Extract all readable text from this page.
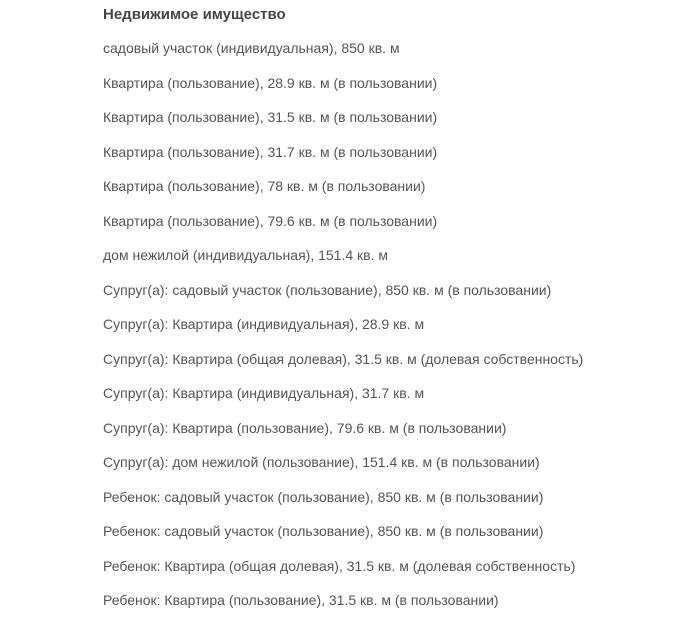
Недвижимое имущество
садовый участок (индивидуальная), 850 кв. м
Квартира (пользование), 28.9 кв. м (в пользовании)
Квартира (пользование), 31.5 кв. м (в пользовании)
Квартира (пользование), 31.7 кв. м (в пользовании)
Квартира (пользование), 78 кв. м (в пользовании)
Квартира (пользование), 79.6 кв. м (в пользовании)
дом нежилой (индивидуальная), 151.4 кв. м
Супруг(а): садовый участок (пользование), 850 кв. м (в пользовании)
Супруг(а): Квартира (индивидуальная), 28.9 кв. м
Супруг(а): Квартира (общая долевая), 31.5 кв. м (долевая собственность)
Супруг(а): Квартира (индивидуальная), 31.7 кв. м
Супруг(а): Квартира (пользование), 79.6 кв. м (в пользовании)
Супруг(а): дом нежилой (пользование), 151.4 кв. м (в пользовании)
Ребенок: садовый участок (пользование), 850 кв. м (в пользовании)
Ребенок: садовый участок (пользование), 850 кв. м (в пользовании)
Ребенок: Квартира (общая долевая), 31.5 кв. м (долевая собственность)
Ребенок: Квартира (пользование), 31.5 кв. м (в пользовании)
